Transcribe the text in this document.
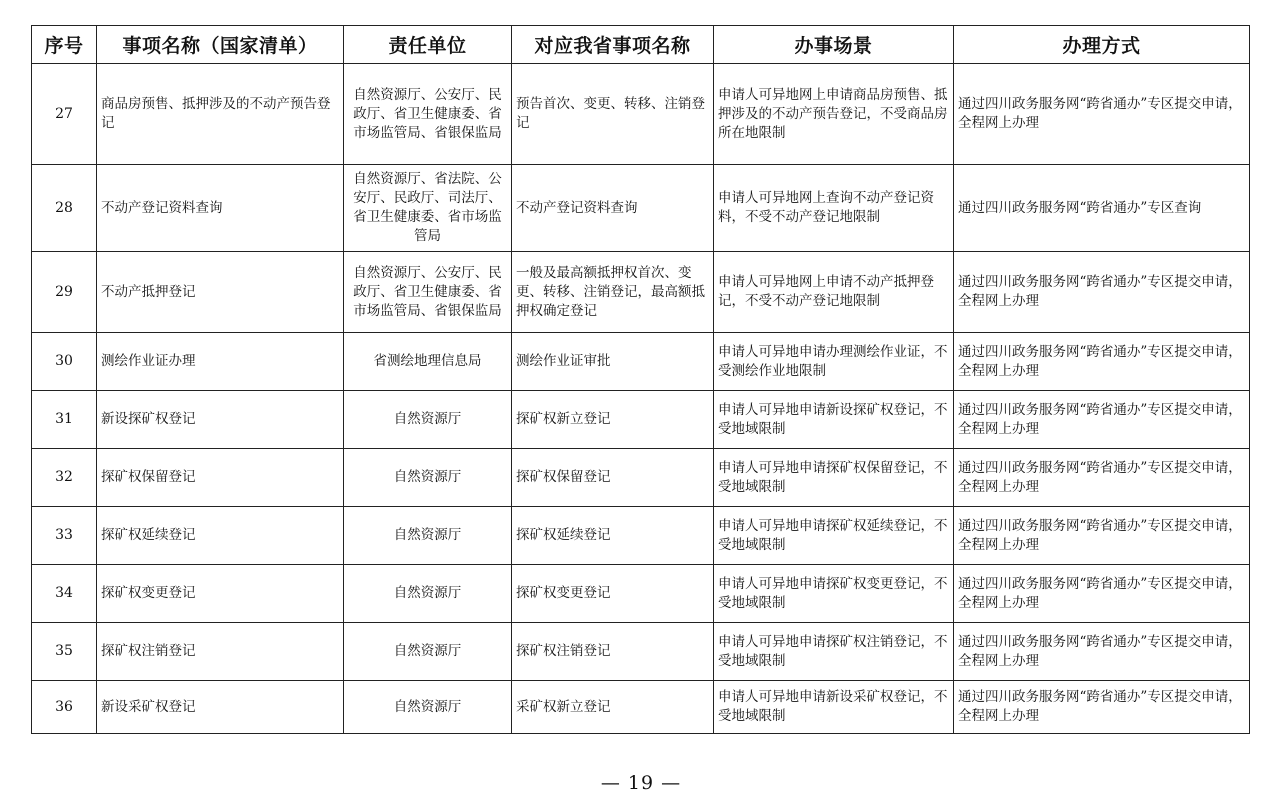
序号	事项名称（国家清单）	责任单位	对应我省事项名称	办事场景	办理方式
27	商品房预售、抵押涉及的不动产预告登记	自然资源厅、公安厅、民政厅、省卫生健康委、省市场监管局、省银保监局	预告首次、变更、转移、注销登记	申请人可异地网上申请商品房预售、抵押涉及的不动产预告登记，不受商品房所在地限制	通过四川政务服务网“跨省通办”专区提交申请，全程网上办理
28	不动产登记资料查询	自然资源厅、省法院、公安厅、民政厅、司法厅、省卫生健康委、省市场监管局	不动产登记资料查询	申请人可异地网上查询不动产登记资料，不受不动产登记地限制	通过四川政务服务网“跨省通办”专区查询
29	不动产抵押登记	自然资源厅、公安厅、民政厅、省卫生健康委、省市场监管局、省银保监局	一般及最高额抵押权首次、变更、转移、注销登记，最高额抵押权确定登记	申请人可异地网上申请不动产抵押登记，不受不动产登记地限制	通过四川政务服务网“跨省通办”专区提交申请，全程网上办理
30	测绘作业证办理	省测绘地理信息局	测绘作业证审批	申请人可异地申请办理测绘作业证，不受测绘作业地限制	通过四川政务服务网“跨省通办”专区提交申请，全程网上办理
31	新设探矿权登记	自然资源厅	探矿权新立登记	申请人可异地申请新设探矿权登记，不受地域限制	通过四川政务服务网“跨省通办”专区提交申请，全程网上办理
32	探矿权保留登记	自然资源厅	探矿权保留登记	申请人可异地申请探矿权保留登记，不受地域限制	通过四川政务服务网“跨省通办”专区提交申请，全程网上办理
33	探矿权延续登记	自然资源厅	探矿权延续登记	申请人可异地申请探矿权延续登记，不受地域限制	通过四川政务服务网“跨省通办”专区提交申请，全程网上办理
34	探矿权变更登记	自然资源厅	探矿权变更登记	申请人可异地申请探矿权变更登记，不受地域限制	通过四川政务服务网“跨省通办”专区提交申请，全程网上办理
35	探矿权注销登记	自然资源厅	探矿权注销登记	申请人可异地申请探矿权注销登记，不受地域限制	通过四川政务服务网“跨省通办”专区提交申请，全程网上办理
36	新设采矿权登记	自然资源厅	采矿权新立登记	申请人可异地申请新设采矿权登记，不受地域限制	通过四川政务服务网“跨省通办”专区提交申请，全程网上办理
— 19 —
